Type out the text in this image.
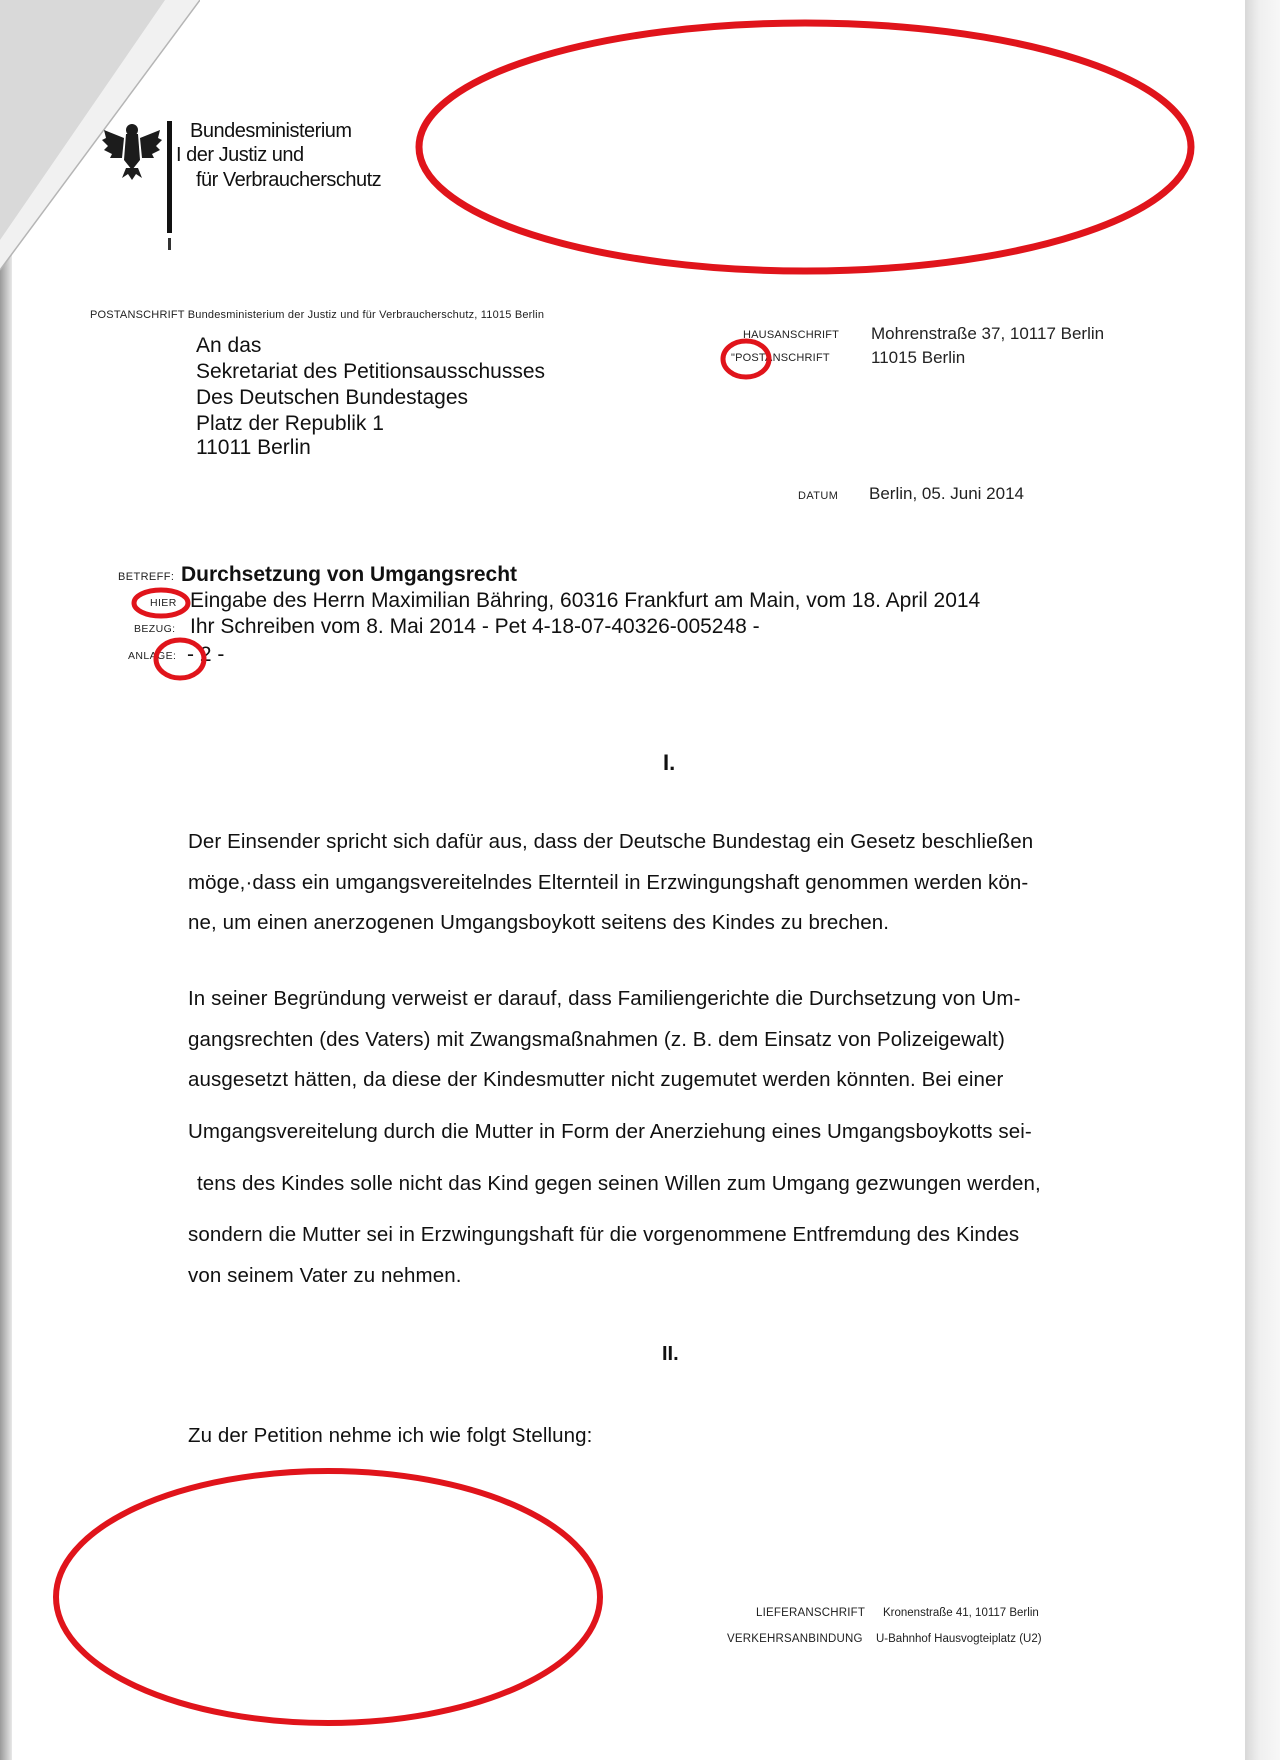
Bundesministerium
I der Justiz und
für Verbraucherschutz
POSTANSCHRIFT Bundesministerium der Justiz und für Verbraucherschutz, 11015 Berlin
An das
Sekretariat des Petitionsausschusses
Des Deutschen Bundestages
Platz der Republik 1
11011 Berlin
HAUSANSCHRIFT Mohrenstraße 37, 10117 Berlin
"POSTANSCHRIFT 11015 Berlin
DATUM Berlin, 05. Juni 2014
BETREFF: Durchsetzung von Umgangsrecht
HIER Eingabe des Herrn Maximilian Bähring, 60316 Frankfurt am Main, vom 18. April 2014
BEZUG: Ihr Schreiben vom 8. Mai 2014 - Pet 4-18-07-40326-005248 -
ANLAGE: - 2 -
I.
Der Einsender spricht sich dafür aus, dass der Deutsche Bundestag ein Gesetz beschließen
möge,·dass ein umgangsvereitelndes Elternteil in Erzwingungshaft genommen werden kön-
ne, um einen anerzogenen Umgangsboykott seitens des Kindes zu brechen.
In seiner Begründung verweist er darauf, dass Familiengerichte die Durchsetzung von Um-
gangsrechten (des Vaters) mit Zwangsmaßnahmen (z. B. dem Einsatz von Polizeigewalt)
ausgesetzt hätten, da diese der Kindesmutter nicht zugemutet werden könnten. Bei einer
Umgangsvereitelung durch die Mutter in Form der Anerziehung eines Umgangsboykotts sei-
tens des Kindes solle nicht das Kind gegen seinen Willen zum Umgang gezwungen werden,
sondern die Mutter sei in Erzwingungshaft für die vorgenommene Entfremdung des Kindes
von seinem Vater zu nehmen.
II.
Zu der Petition nehme ich wie folgt Stellung:
LIEFERANSCHRIFT Kronenstraße 41, 10117 Berlin
VERKEHRSANBINDUNG U-Bahnhof Hausvogteiplatz (U2)
